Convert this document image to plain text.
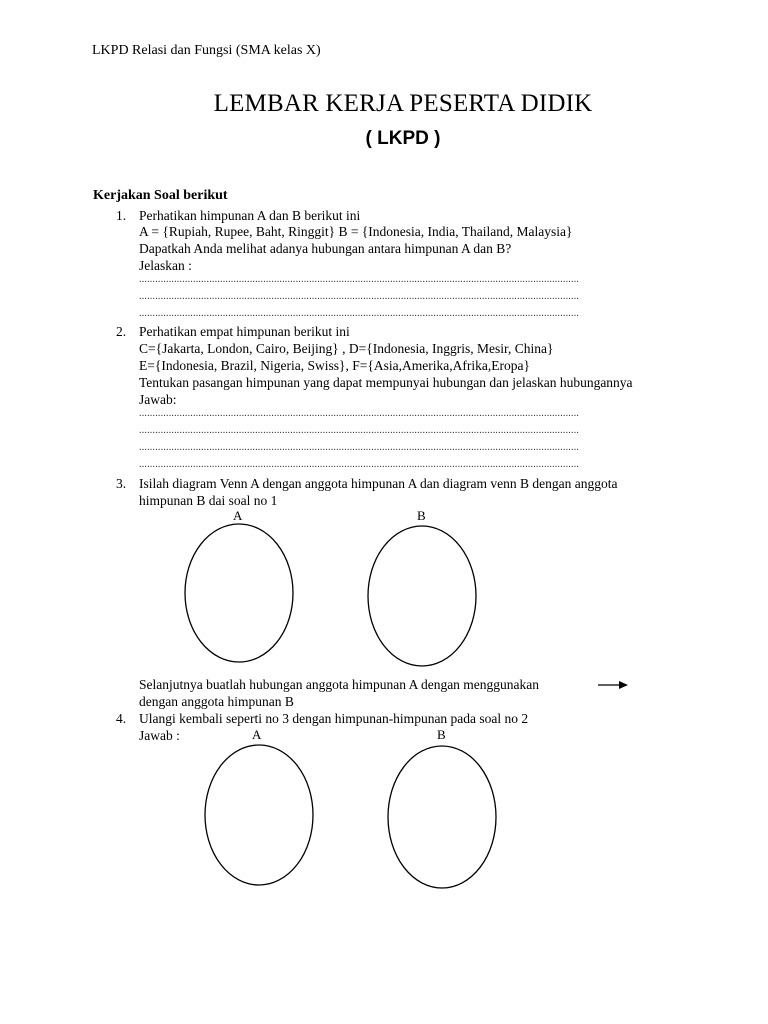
LKPD Relasi dan Fungsi (SMA kelas X)
LEMBAR KERJA PESERTA DIDIK
( LKPD )
Kerjakan Soal berikut
1. Perhatikan himpunan A dan B berikut ini
A = {Rupiah, Rupee, Baht, Ringgit} B = {Indonesia, India, Thailand, Malaysia}
Dapatkah Anda melihat adanya hubungan antara himpunan A dan B?
Jelaskan :
...................................................................................................................................................................
...................................................................................................................................................................
...................................................................................................................................................................
2. Perhatikan empat himpunan berikut ini
C={Jakarta, London, Cairo, Beijing} , D={Indonesia, Inggris, Mesir, China}
E={Indonesia, Brazil, Nigeria, Swiss}, F={Asia,Amerika,Afrika,Eropa}
Tentukan pasangan himpunan yang dapat mempunyai hubungan dan jelaskan hubungannya
Jawab:
...................................................................................................................................................................
...................................................................................................................................................................
...................................................................................................................................................................
...................................................................................................................................................................
3. Isilah diagram Venn A dengan anggota himpunan A dan diagram venn B dengan anggota
himpunan B dai soal no 1
A	B
Selanjutnya buatlah hubungan anggota himpunan A dengan menggunakan
dengan anggota himpunan B
4. Ulangi kembali seperti no 3 dengan himpunan-himpunan pada soal no 2
Jawab :	A	B
